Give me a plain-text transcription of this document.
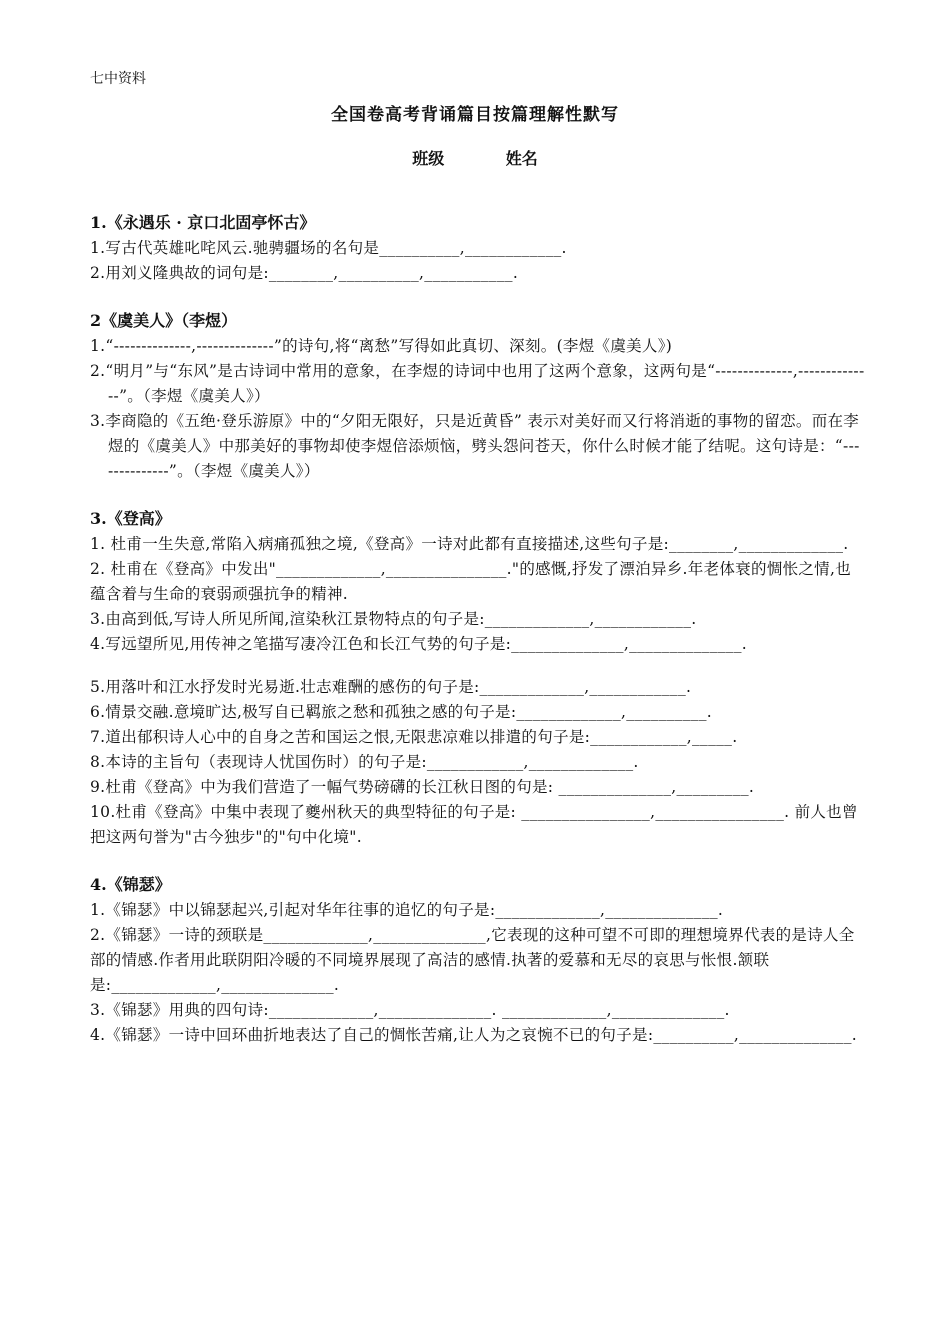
七中资料
全国卷高考背诵篇目按篇理解性默写
班级	姓名

1.《永遇乐 · 京口北固亭怀古》

1.写古代英雄叱咤风云.驰骋疆场的名句是__________,____________.

2.用刘义隆典故的词句是:________,__________,___________.

2《虞美人》（李煜）

1.“--------------,--------------”的诗句,将“离愁”写得如此真切、深刻。(李煜《虞美人》)

2.“明月”与“东风”是古诗词中常用的意象，在李煜的诗词中也用了这两个意象，这两句是“--------------,--------------”。（李煜《虞美人》）

3.李商隐的《五绝·登乐游原》中的“夕阳无限好，只是近黄昏” 表示对美好而又行将消逝的事物的留恋。而在李煜的《虞美人》中那美好的事物却使李煜倍添烦恼，劈头怨问苍天，你什么时候才能了结呢。这句诗是：“--------------”。（李煜《虞美人》）

3.《登高》

1. 杜甫一生失意,常陷入病痛孤独之境,《登高》一诗对此都有直接描述,这些句子是:________,_____________.

2. 杜甫在《登高》中发出"_____________,_______________."的感慨,抒发了漂泊异乡.年老体衰的惆怅之情,也蕴含着与生命的衰弱顽强抗争的精神.

3.由高到低,写诗人所见所闻,渲染秋江景物特点的句子是:_____________,____________.

4.写远望所见,用传神之笔描写凄冷江色和长江气势的句子是:______________,______________.

5.用落叶和江水抒发时光易逝.壮志难酬的感伤的句子是:_____________,____________.

6.情景交融.意境旷达,极写自已羁旅之愁和孤独之感的句子是:_____________,__________.

7.道出郁积诗人心中的自身之苦和国运之恨,无限悲凉难以排遣的句子是:____________,_____.

8.本诗的主旨句（表现诗人忧国伤时）的句子是:____________,_____________.

9.杜甫《登高》中为我们营造了一幅气势磅礴的长江秋日图的句是: ______________,_________.

10.杜甫《登高》中集中表现了夔州秋天的典型特征的句子是: ________________,________________. 前人也曾把这两句誉为"古今独步"的"句中化境".

4.《锦瑟》

1.《锦瑟》中以锦瑟起兴,引起对华年往事的追忆的句子是:_____________,______________.

2.《锦瑟》一诗的颈联是_____________,______________,它表现的这种可望不可即的理想境界代表的是诗人全部的情感.作者用此联阴阳冷暖的不同境界展现了高洁的感情.执著的爱慕和无尽的哀思与怅恨.颔联是:_____________,______________.

3.《锦瑟》用典的四句诗:_____________,______________. _____________,______________.

4.《锦瑟》一诗中回环曲折地表达了自己的惆怅苦痛,让人为之哀惋不已的句子是:__________,______________.
